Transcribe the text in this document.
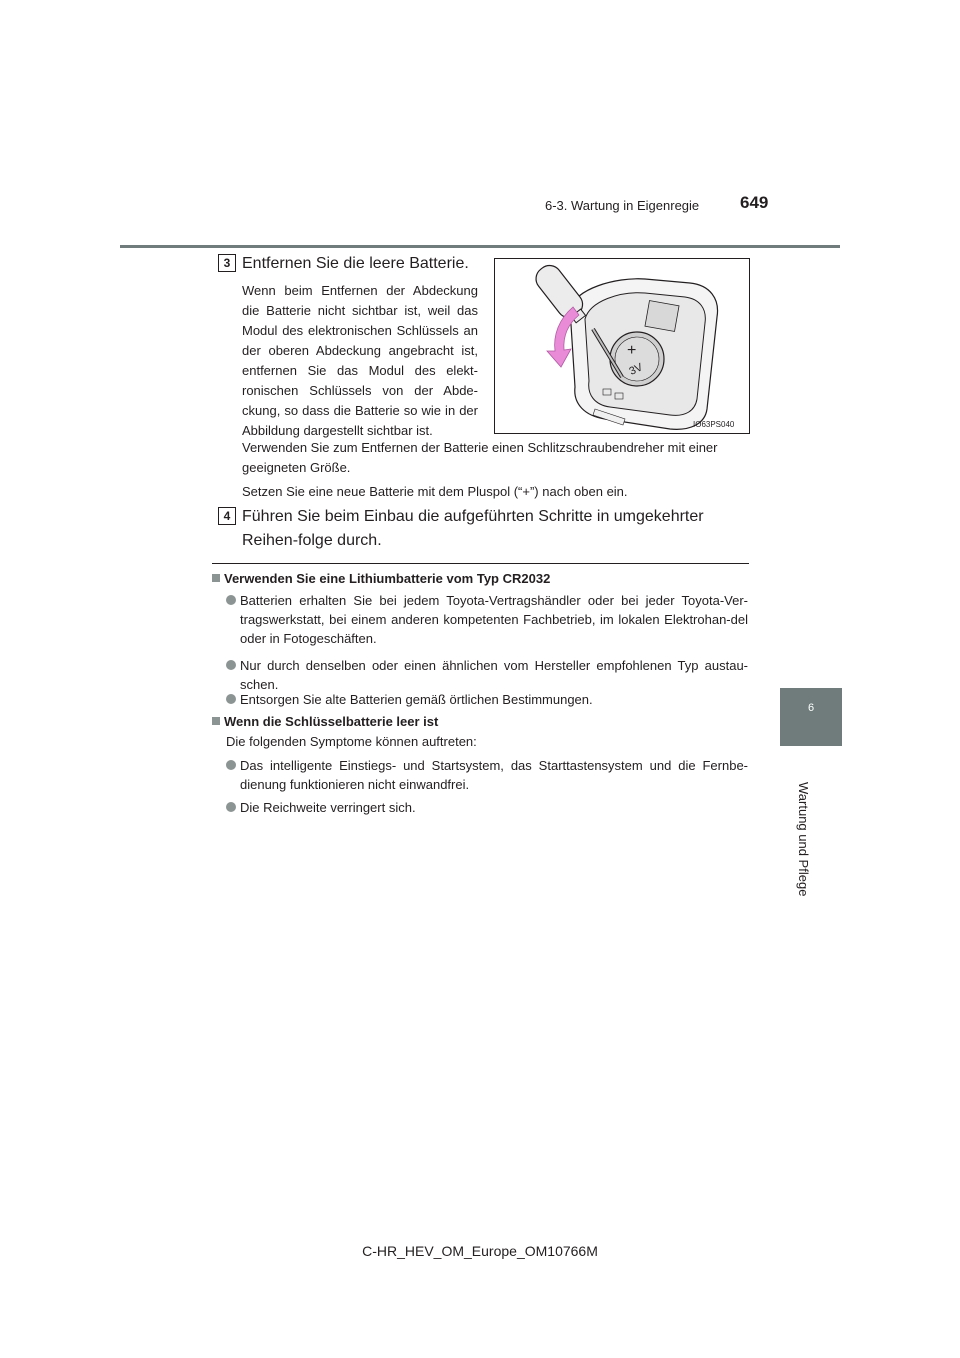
6-3. Wartung in Eigenregie 649
6
Wartung und Pflege
3 Entfernen Sie die leere Batterie.
Wenn beim Entfernen der Abdeckung die Batterie nicht sichtbar ist, weil das Modul des elektronischen Schlüssels an der oberen Abdeckung angebracht ist, entfernen Sie das Modul des elekt-ronischen Schlüssels von der Abde-ckung, so dass die Batterie so wie in der Abbildung dargestellt sichtbar ist.
+
3V
IO63PS040
Verwenden Sie zum Entfernen der Batterie einen Schlitzschraubendreher mit einer geeigneten Größe.
Setzen Sie eine neue Batterie mit dem Pluspol (“+”) nach oben ein.
4 Führen Sie beim Einbau die aufgeführten Schritte in umgekehrter Reihen-folge durch.
Verwenden Sie eine Lithiumbatterie vom Typ CR2032
Batterien erhalten Sie bei jedem Toyota-Vertragshändler oder bei jeder Toyota-Ver-tragswerkstatt, bei einem anderen kompetenten Fachbetrieb, im lokalen Elektrohan-del oder in Fotogeschäften.
Nur durch denselben oder einen ähnlichen vom Hersteller empfohlenen Typ austau-schen.
Entsorgen Sie alte Batterien gemäß örtlichen Bestimmungen.
Wenn die Schlüsselbatterie leer ist
Die folgenden Symptome können auftreten:
Das intelligente Einstiegs- und Startsystem, das Starttastensystem und die Fernbe-dienung funktionieren nicht einwandfrei.
Die Reichweite verringert sich.
C-HR_HEV_OM_Europe_OM10766M
